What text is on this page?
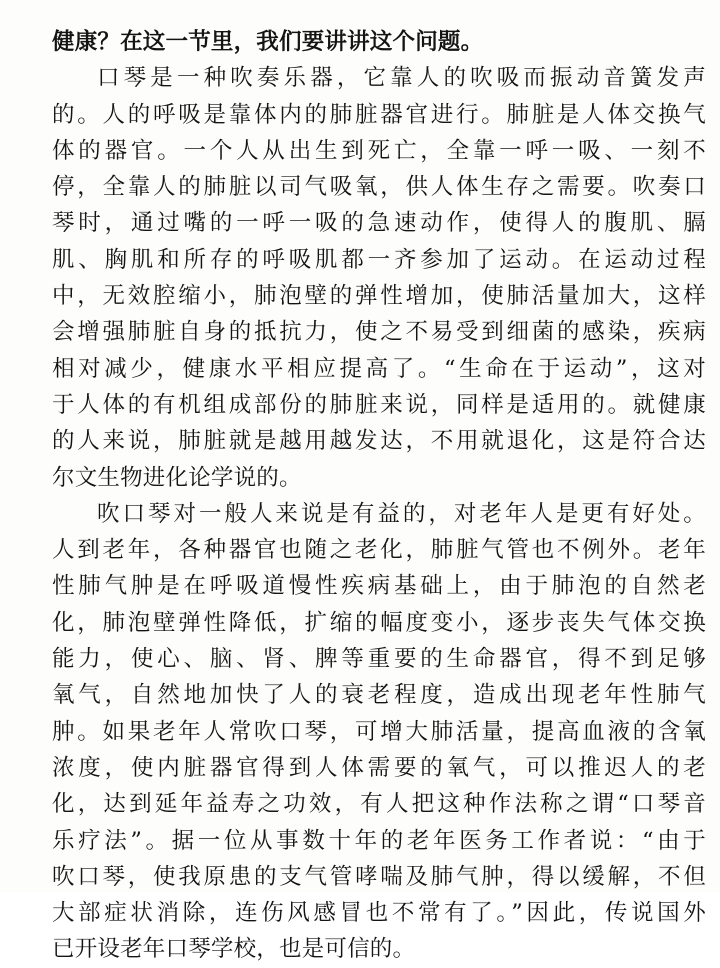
健康？在这一节里，我们要讲讲这个问题。
口琴是一种吹奏乐器，它靠人的吹吸而振动音簧发声
的。人的呼吸是靠体内的肺脏器官进行。肺脏是人体交换气
体的器官。一个人从出生到死亡，全靠一呼一吸、一刻不
停，全靠人的肺脏以司气吸氧，供人体生存之需要。吹奏口
琴时，通过嘴的一呼一吸的急速动作，使得人的腹肌、膈
肌、胸肌和所存的呼吸肌都一齐参加了运动。在运动过程
中，无效腔缩小，肺泡壁的弹性增加，使肺活量加大，这样
会增强肺脏自身的抵抗力，使之不易受到细菌的感染，疾病
相对减少，健康水平相应提高了。“生命在于运动”，这对
于人体的有机组成部份的肺脏来说，同样是适用的。就健康
的人来说，肺脏就是越用越发达，不用就退化，这是符合达
尔文生物进化论学说的。
吹口琴对一般人来说是有益的，对老年人是更有好处。
人到老年，各种器官也随之老化，肺脏气管也不例外。老年
性肺气肿是在呼吸道慢性疾病基础上，由于肺泡的自然老
化，肺泡壁弹性降低，扩缩的幅度变小，逐步丧失气体交换
能力，使心、脑、肾、脾等重要的生命器官，得不到足够
氧气，自然地加快了人的衰老程度，造成出现老年性肺气
肿。如果老年人常吹口琴，可增大肺活量，提高血液的含氧
浓度，使内脏器官得到人体需要的氧气，可以推迟人的老
化，达到延年益寿之功效，有人把这种作法称之谓“口琴音
乐疗法”。据一位从事数十年的老年医务工作者说：“由于
吹口琴，使我原患的支气管哮喘及肺气肿，得以缓解，不但
大部症状消除，连伤风感冒也不常有了。”因此，传说国外
已开设老年口琴学校，也是可信的。
